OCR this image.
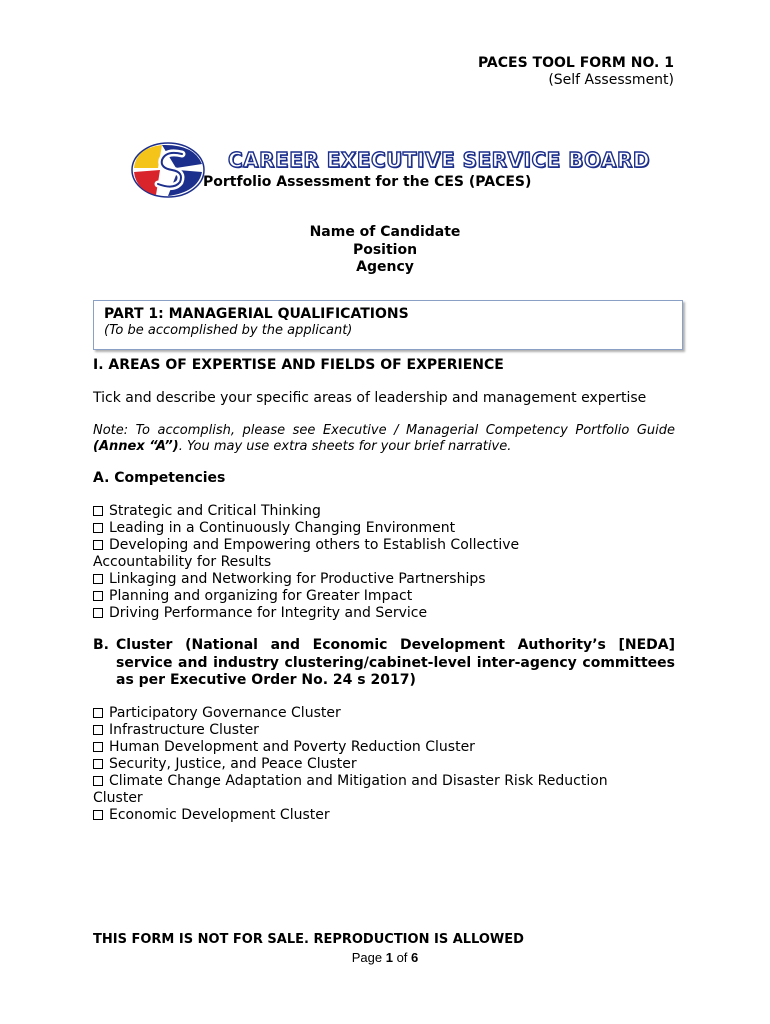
PACES TOOL FORM NO. 1
(Self Assessment)
CAREER EXECUTIVE SERVICE BOARD
Portfolio Assessment for the CES (PACES)
Name of Candidate
Position
Agency
PART 1: MANAGERIAL QUALIFICATIONS
(To be accomplished by the applicant)
I. AREAS OF EXPERTISE AND FIELDS OF EXPERIENCE
Tick and describe your specific areas of leadership and management expertise
Note: To accomplish, please see Executive / Managerial Competency Portfolio Guide (Annex “A”). You may use extra sheets for your brief narrative.
A. Competencies
Strategic and Critical Thinking
Leading in a Continuously Changing Environment
Developing and Empowering others to Establish Collective
Accountability for Results
Linkaging and Networking for Productive Partnerships
Planning and organizing for Greater Impact
Driving Performance for Integrity and Service
B. Cluster (National and Economic Development Authority’s [NEDA] service and industry clustering/cabinet-level inter-agency committees as per Executive Order No. 24 s 2017)
Participatory Governance Cluster
Infrastructure Cluster
Human Development and Poverty Reduction Cluster
Security, Justice, and Peace Cluster
Climate Change Adaptation and Mitigation and Disaster Risk Reduction
Cluster
Economic Development Cluster
THIS FORM IS NOT FOR SALE. REPRODUCTION IS ALLOWED
Page 1 of 6
